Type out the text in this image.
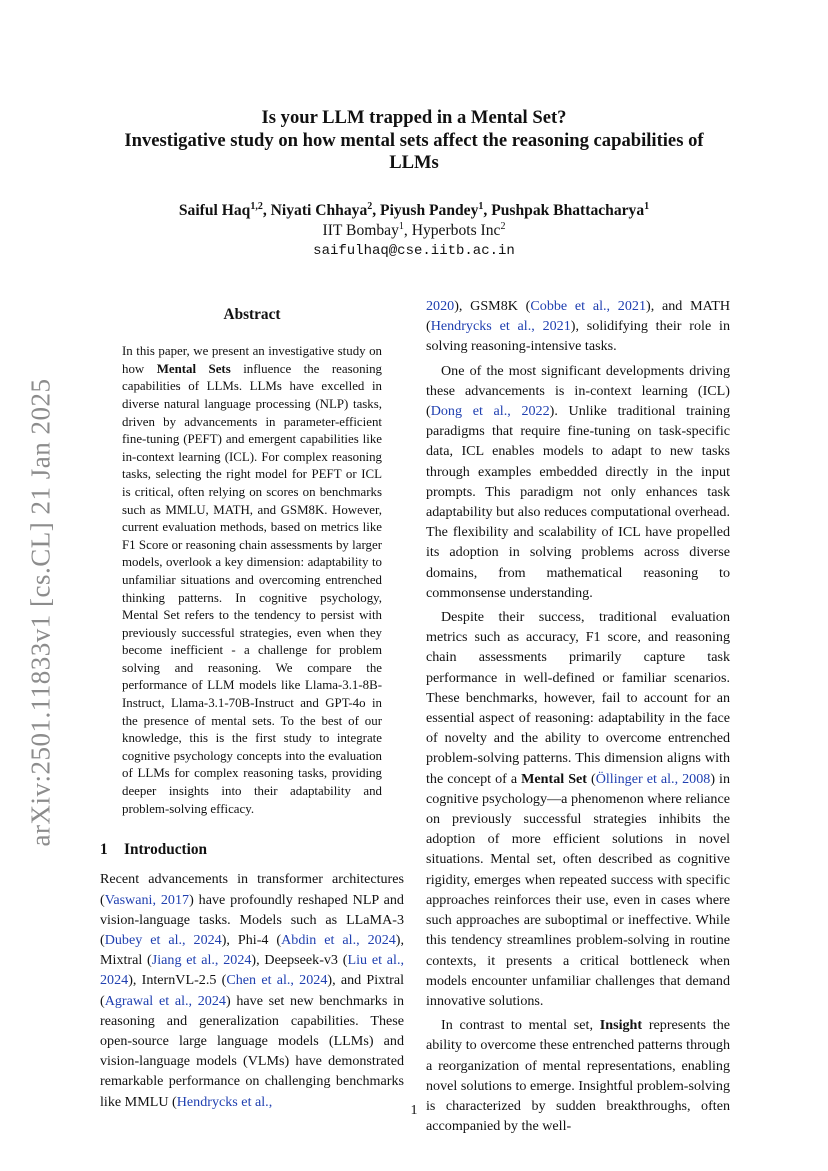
arXiv:2501.11833v1 [cs.CL] 21 Jan 2025
Is your LLM trapped in a Mental Set?
Investigative study on how mental sets affect the reasoning capabilities of
LLMs
Saiful Haq$^{1,2}$, Niyati Chhaya$^2$, Piyush Pandey$^1$, Pushpak Bhattacharya$^1$
IIT Bombay$^1$, Hyperbots Inc$^2$
saifulhaq@cse.iitb.ac.in
Abstract

In this paper, we present an investigative study on how Mental Sets influence the reasoning capabilities of LLMs. LLMs have excelled in diverse natural language processing (NLP) tasks, driven by advancements in parameter-efficient fine-tuning (PEFT) and emergent capabilities like in-context learning (ICL). For complex reasoning tasks, selecting the right model for PEFT or ICL is critical, often relying on scores on benchmarks such as MMLU, MATH, and GSM8K. However, current evaluation methods, based on metrics like F1 Score or reasoning chain assessments by larger models, overlook a key dimension: adaptability to unfamiliar situations and overcoming entrenched thinking patterns. In cognitive psychology, Mental Set refers to the tendency to persist with previously successful strategies, even when they become inefficient - a challenge for problem solving and reasoning. We compare the performance of LLM models like Llama-3.1-8B-Instruct, Llama-3.1-70B-Instruct and GPT-4o in the presence of mental sets. To the best of our knowledge, this is the first study to integrate cognitive psychology concepts into the evaluation of LLMs for complex reasoning tasks, providing deeper insights into their adaptability and problem-solving efficacy.

1 Introduction

Recent advancements in transformer architectures (Vaswani, 2017) have profoundly reshaped NLP and vision-language tasks. Models such as LLaMA-3 (Dubey et al., 2024), Phi-4 (Abdin et al., 2024), Mixtral (Jiang et al., 2024), Deepseek-v3 (Liu et al., 2024), InternVL-2.5 (Chen et al., 2024), and Pixtral (Agrawal et al., 2024) have set new benchmarks in reasoning and generalization capabilities. These open-source large language models (LLMs) and vision-language models (VLMs) have demonstrated remarkable performance on challenging benchmarks like MMLU (Hendrycks et al.,

2020), GSM8K (Cobbe et al., 2021), and MATH (Hendrycks et al., 2021), solidifying their role in solving reasoning-intensive tasks.

One of the most significant developments driving these advancements is in-context learning (ICL) (Dong et al., 2022). Unlike traditional training paradigms that require fine-tuning on task-specific data, ICL enables models to adapt to new tasks through examples embedded directly in the input prompts. This paradigm not only enhances task adaptability but also reduces computational overhead. The flexibility and scalability of ICL have propelled its adoption in solving problems across diverse domains, from mathematical reasoning to commonsense understanding.

Despite their success, traditional evaluation metrics such as accuracy, F1 score, and reasoning chain assessments primarily capture task performance in well-defined or familiar scenarios. These benchmarks, however, fail to account for an essential aspect of reasoning: adaptability in the face of novelty and the ability to overcome entrenched problem-solving patterns. This dimension aligns with the concept of a Mental Set (Öllinger et al., 2008) in cognitive psychology—a phenomenon where reliance on previously successful strategies inhibits the adoption of more efficient solutions in novel situations. Mental set, often described as cognitive rigidity, emerges when repeated success with specific approaches reinforces their use, even in cases where such approaches are suboptimal or ineffective. While this tendency streamlines problem-solving in routine contexts, it presents a critical bottleneck when models encounter unfamiliar challenges that demand innovative solutions.

In contrast to mental set, Insight represents the ability to overcome these entrenched patterns through a reorganization of mental representations, enabling novel solutions to emerge. Insightful problem-solving is characterized by sudden breakthroughs, often accompanied by the well-

1
